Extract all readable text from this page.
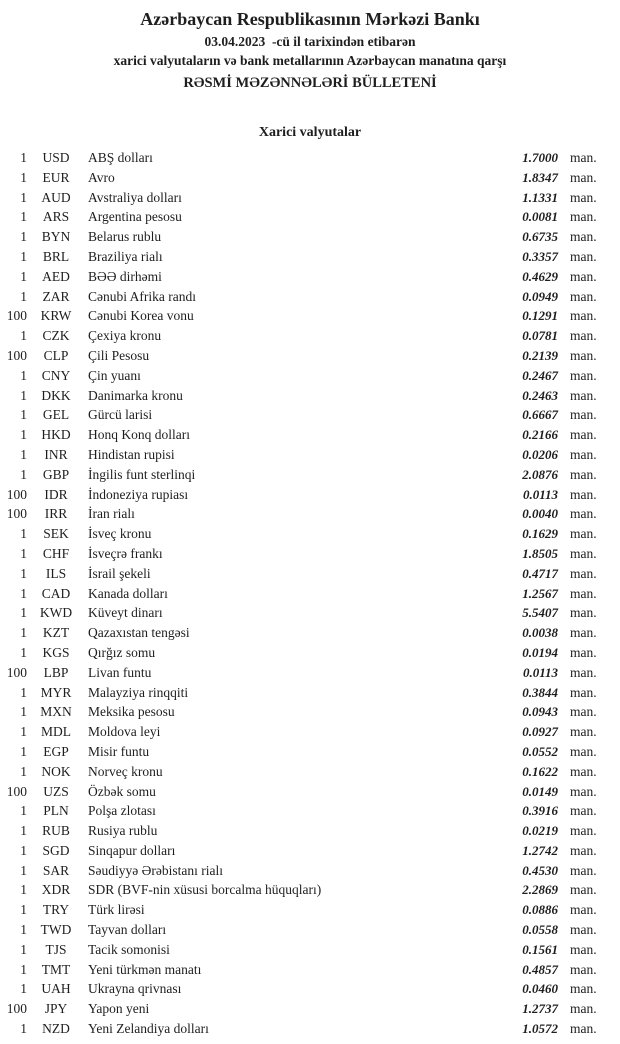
Azərbaycan Respublikasının Mərkəzi Bankı
03.04.2023  -cü il tarixindən etibarən
xarici valyutaların və bank metallarının Azərbaycan manatına qarşı
RƏSMİ MƏZƏNNƏLƏRİ BÜLLETENİ
Xarici valyutalar
1	USD	ABŞ dolları	1.7000 man.
1	EUR	Avro	1.8347 man.
1	AUD	Avstraliya dolları	1.1331 man.
1	ARS	Argentina pesosu	0.0081 man.
1	BYN	Belarus rublu	0.6735 man.
1	BRL	Braziliya rialı	0.3357 man.
1	AED	BƏƏ dirhəmi	0.4629 man.
1	ZAR	Cənubi Afrika randı	0.0949 man.
100	KRW	Cənubi Korea vonu	0.1291 man.
1	CZK	Çexiya kronu	0.0781 man.
100	CLP	Çili Pesosu	0.2139 man.
1	CNY	Çin yuanı	0.2467 man.
1	DKK	Danimarka kronu	0.2463 man.
1	GEL	Gürcü larisi	0.6667 man.
1	HKD	Honq Konq dolları	0.2166 man.
1	INR	Hindistan rupisi	0.0206 man.
1	GBP	İngilis funt sterlinqi	2.0876 man.
100	IDR	İndoneziya rupiası	0.0113 man.
100	IRR	İran rialı	0.0040 man.
1	SEK	İsveç kronu	0.1629 man.
1	CHF	İsveçrə frankı	1.8505 man.
1	ILS	İsrail şekeli	0.4717 man.
1	CAD	Kanada dolları	1.2567 man.
1 KWD	Küveyt dinarı	5.5407 man.
1	KZT	Qazaxıstan tengəsi	0.0038 man.
1	KGS	Qırğız somu	0.0194 man.
100	LBP	Livan funtu	0.0113 man.
1	MYR	Malayziya rinqqiti	0.3844 man.
1 MXN	Meksika pesosu	0.0943 man.
1	MDL	Moldova leyi	0.0927 man.
1	EGP	Misir funtu	0.0552 man.
1	NOK	Norveç kronu	0.1622 man.
100	UZS	Özbək somu	0.0149 man.
1	PLN	Polşa zlotası	0.3916 man.
1	RUB	Rusiya rublu	0.0219 man.
1	SGD	Sinqapur dolları	1.2742 man.
1	SAR	Səudiyyə Ərəbistanı rialı	0.4530 man.
1	XDR	SDR (BVF-nin xüsusi borcalma hüquqları)	2.2869 man.
1	TRY	Türk lirəsi	0.0886 man.
1	TWD	Tayvan dolları	0.0558 man.
1	TJS	Tacik somonisi	0.1561 man.
1	TMT	Yeni türkmən manatı	0.4857 man.
1	UAH	Ukrayna qrivnası	0.0460 man.
100	JPY	Yapon yeni	1.2737 man.
1	NZD	Yeni Zelandiya dolları	1.0572 man.
